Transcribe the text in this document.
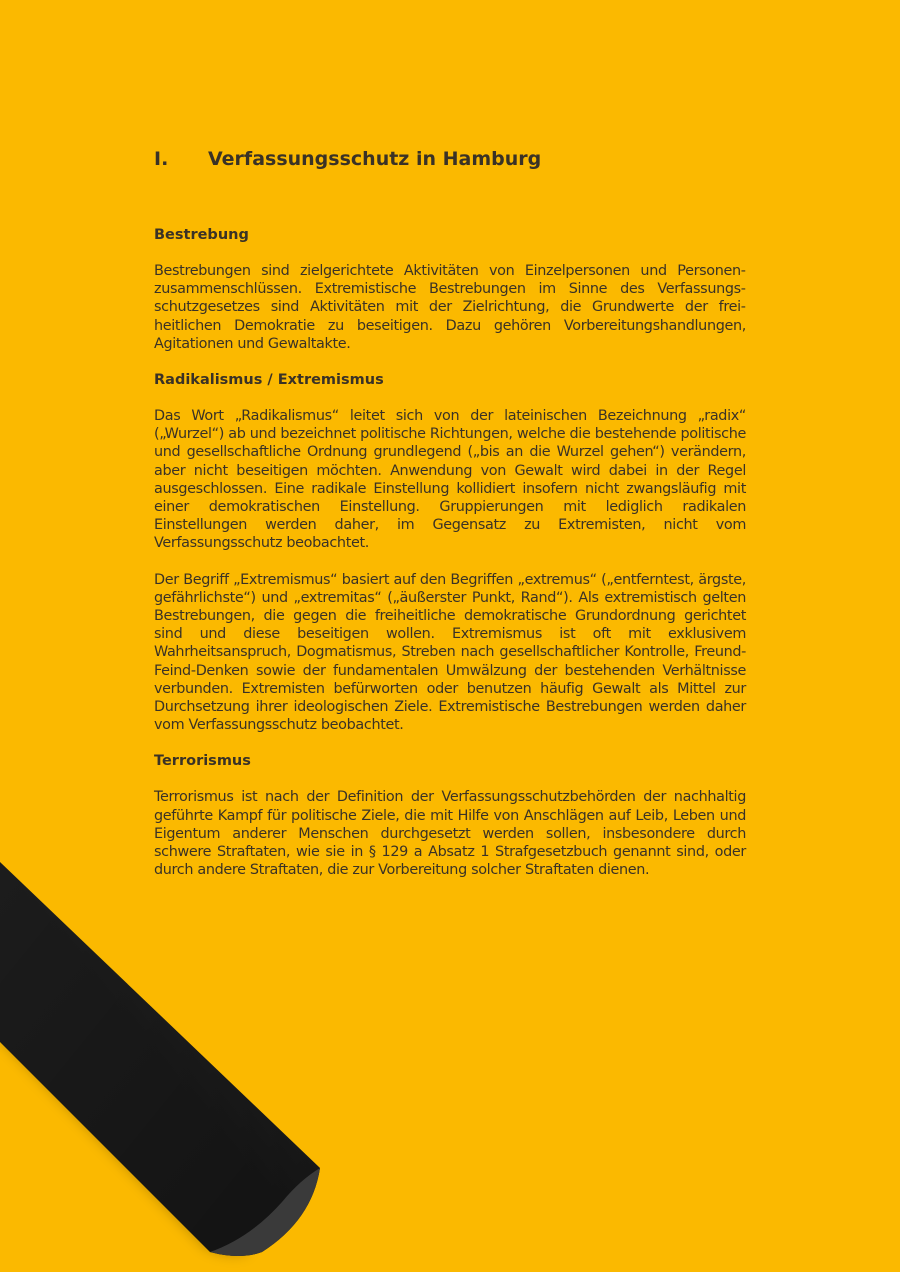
I. Verfassungsschutz in Hamburg
Bestrebung

Bestrebungen sind zielgerichtete Aktivitäten von Einzelpersonen und Personenzusammenschlüssen. Extremistische Bestrebungen im Sinne des Verfassungsschutzgesetzes sind Aktivitäten mit der Zielrichtung, die Grundwerte der freiheitlichen Demokratie zu beseitigen. Dazu gehören Vorbereitungshandlungen, Agitationen und Gewaltakte.

Radikalismus / Extremismus

Das Wort „Radikalismus“ leitet sich von der lateinischen Bezeichnung „radix“ („Wurzel“) ab und bezeichnet politische Richtungen, welche die bestehende politische und gesellschaftliche Ordnung grundlegend („bis an die Wurzel gehen“) verändern, aber nicht beseitigen möchten. Anwendung von Gewalt wird dabei in der Regel ausgeschlossen. Eine radikale Einstellung kollidiert insofern nicht zwangsläufig mit einer demokratischen Einstellung. Gruppierungen mit lediglich radikalen Einstellungen werden daher, im Gegensatz zu Extremisten, nicht vom Verfassungsschutz beobachtet.

Der Begriff „Extremismus“ basiert auf den Begriffen „extremus“ („entferntest, ärgste, gefährlichste“) und „extremitas“ („äußerster Punkt, Rand“). Als extremistisch gelten Bestrebungen, die gegen die freiheitliche demokratische Grundordnung gerichtet sind und diese beseitigen wollen. Extremismus ist oft mit exklusivem Wahrheitsanspruch, Dogmatismus, Streben nach gesellschaftlicher Kontrolle, Freund-Feind-Denken sowie der fundamentalen Umwälzung der bestehenden Verhältnisse verbunden. Extremisten befürworten oder benutzen häufig Gewalt als Mittel zur Durchsetzung ihrer ideologischen Ziele. Extremistische Bestrebungen werden daher vom Verfassungsschutz beobachtet.

Terrorismus

Terrorismus ist nach der Definition der Verfassungsschutzbehörden der nachhaltig geführte Kampf für politische Ziele, die mit Hilfe von Anschlägen auf Leib, Leben und Eigentum anderer Menschen durchgesetzt werden sollen, insbesondere durch schwere Straftaten, wie sie in § 129 a Absatz 1 Strafgesetzbuch genannt sind, oder durch andere Straftaten, die zur Vorbereitung solcher Straftaten dienen.
